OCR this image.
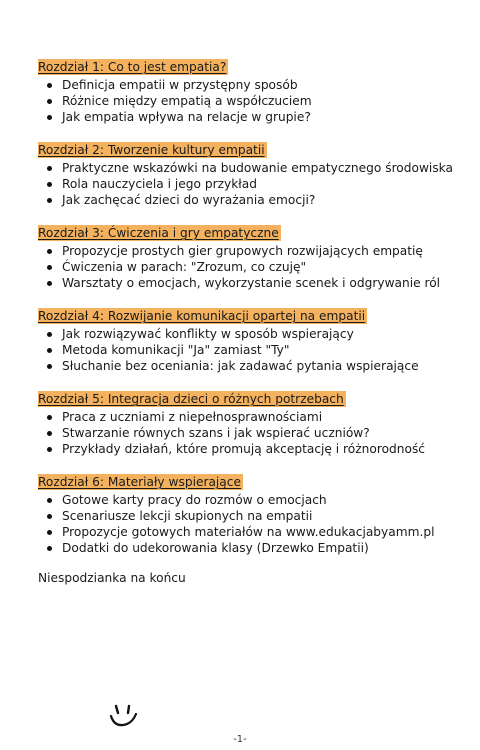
Rozdział 1: Co to jest empatia?
Definicja empatii w przystępny sposób
Różnice między empatią a współczuciem
Jak empatia wpływa na relacje w grupie?
Rozdział 2: Tworzenie kultury empatii
Praktyczne wskazówki na budowanie empatycznego środowiska
Rola nauczyciela i jego przykład
Jak zachęcać dzieci do wyrażania emocji?
Rozdział 3: Ćwiczenia i gry empatyczne
Propozycje prostych gier grupowych rozwijających empatię
Ćwiczenia w parach: "Zrozum, co czuję"
Warsztaty o emocjach, wykorzystanie scenek i odgrywanie ról
Rozdział 4: Rozwijanie komunikacji opartej na empatii
Jak rozwiązywać konflikty w sposób wspierający
Metoda komunikacji "Ja" zamiast "Ty"
Słuchanie bez oceniania: jak zadawać pytania wspierające
Rozdział 5: Integracja dzieci o różnych potrzebach
Praca z uczniami z niepełnosprawnościami
Stwarzanie równych szans i jak wspierać uczniów?
Przykłady działań, które promują akceptację i różnorodność
Rozdział 6: Materiały wspierające
Gotowe karty pracy do rozmów o emocjach
Scenariusze lekcji skupionych na empatii
Propozycje gotowych materiałów na www.edukacjabyamm.pl
Dodatki do udekorowania klasy (Drzewko Empatii)
Niespodzianka na końcu
-1-
